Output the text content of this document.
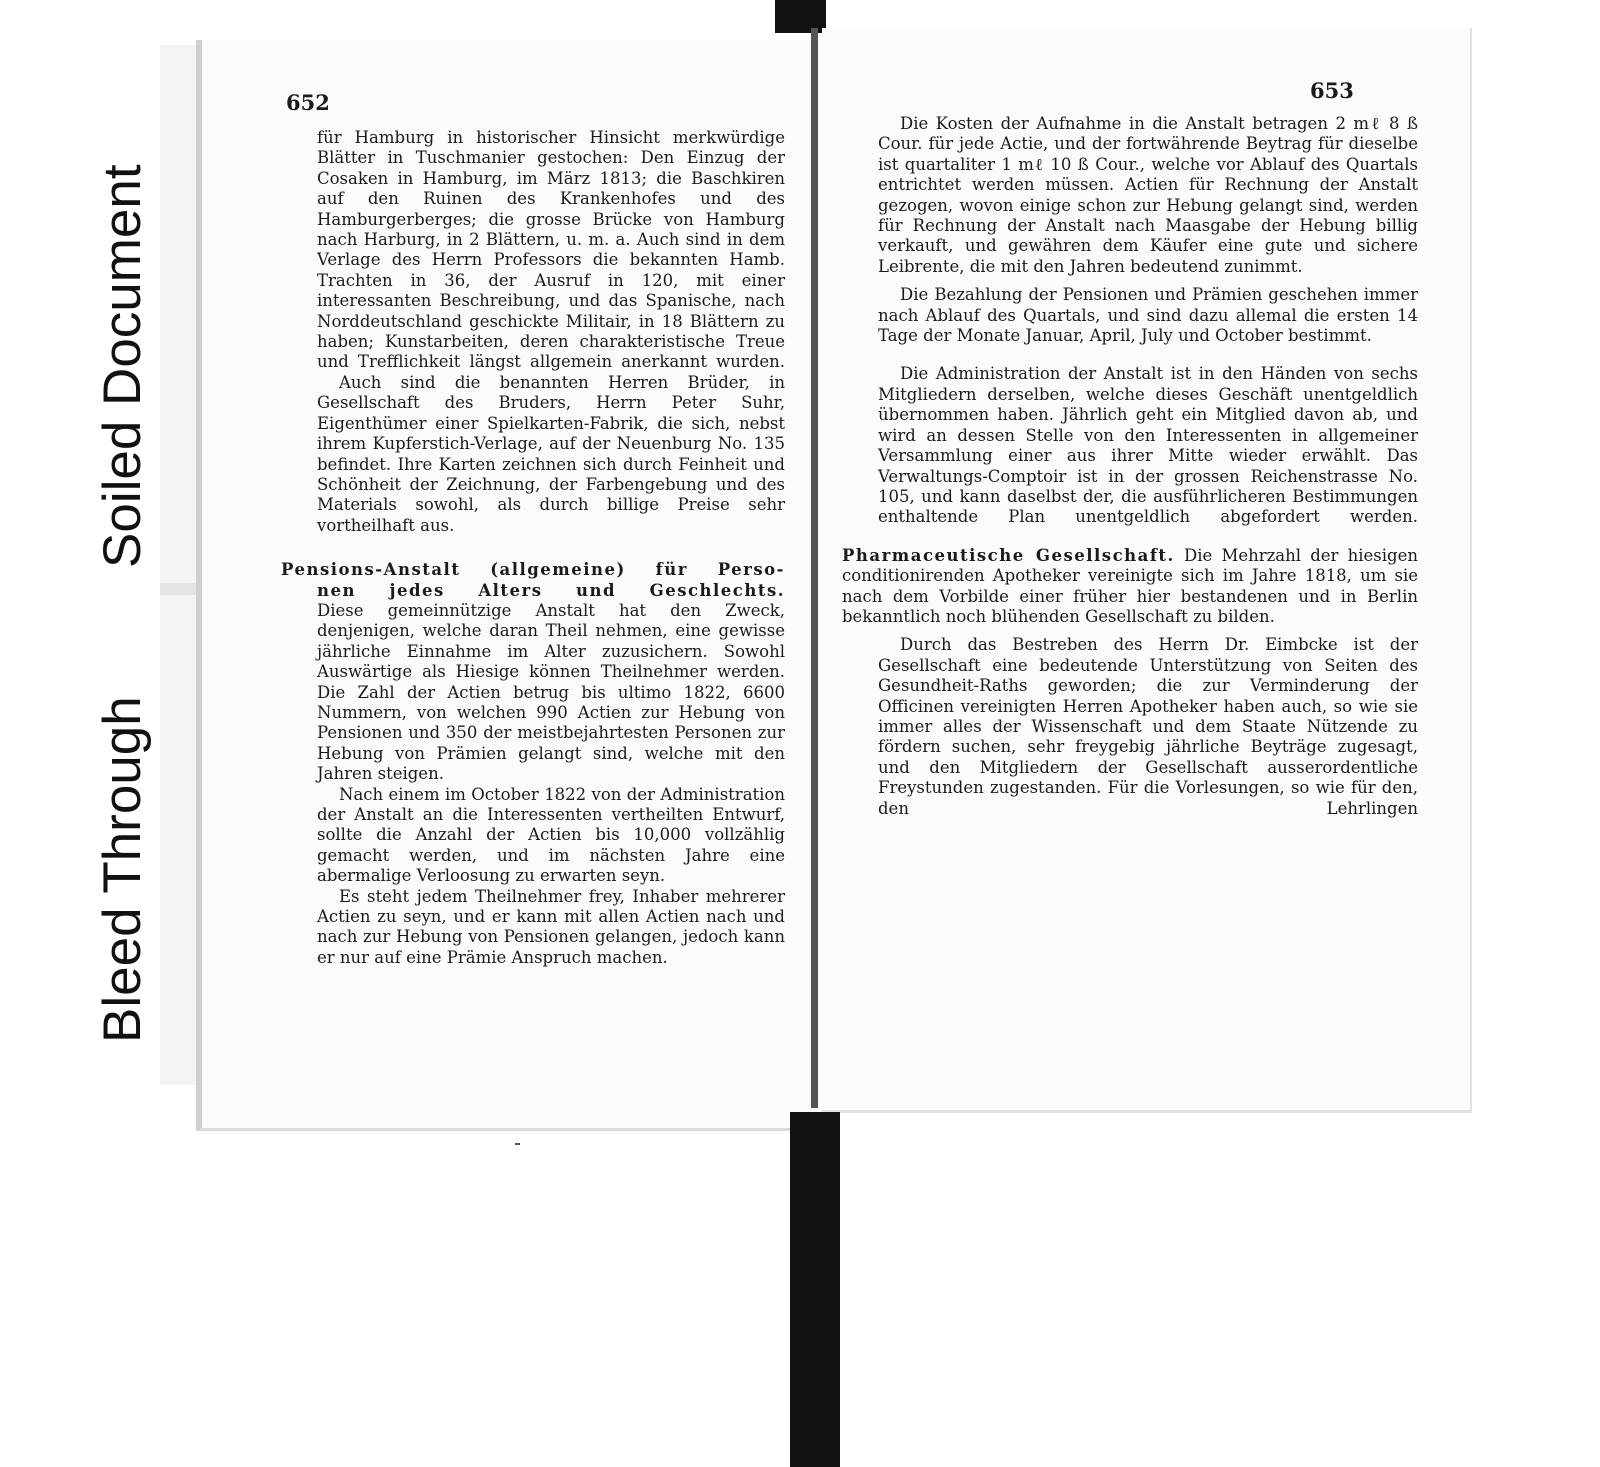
Bleed Through
Soiled Document

652

für Hamburg in historischer Hinsicht merkwürdige Blätter in Tuschmanier gestochen: Den Einzug der Cosaken in Hamburg, im März 1813; die Baschkiren auf den Ruinen des Krankenhofes und des Hamburgerberges; die grosse Brücke von Hamburg nach Harburg, in 2 Blättern, u. m. a. Auch sind in dem Verlage des Herrn Professors die bekannten Hamb. Trachten in 36, der Ausruf in 120, mit einer interessanten Beschreibung, und das Spanische, nach Norddeutschland geschickte Militair, in 18 Blättern zu haben; Kunstarbeiten, deren charakteristische Treue und Trefflichkeit längst allgemein anerkannt wurden.

Auch sind die benannten Herren Brüder, in Gesellschaft des Bruders, Herrn Peter Suhr, Eigenthümer einer Spielkarten-Fabrik, die sich, nebst ihrem Kupferstich-Verlage, auf der Neuenburg No. 135 befindet. Ihre Karten zeichnen sich durch Feinheit und Schönheit der Zeichnung, der Farbengebung und des Materials sowohl, als durch billige Preise sehr vortheilhaft aus.

Pensions-Anstalt (allgemeine) für Perso-

nen jedes Alters und Geschlechts.

Diese gemeinnützige Anstalt hat den Zweck, denjenigen, welche daran Theil nehmen, eine gewisse jährliche Einnahme im Alter zuzusichern. Sowohl Auswärtige als Hiesige können Theilnehmer werden. Die Zahl der Actien betrug bis ultimo 1822, 6600 Nummern, von welchen 990 Actien zur Hebung von Pensionen und 350 der meistbejahrtesten Personen zur Hebung von Prämien gelangt sind, welche mit den Jahren steigen.

Nach einem im October 1822 von der Administration der Anstalt an die Interessenten vertheilten Entwurf, sollte die Anzahl der Actien bis 10,000 vollzählig gemacht werden, und im nächsten Jahre eine abermalige Verloosung zu erwarten seyn.

Es steht jedem Theilnehmer frey, Inhaber mehrerer Actien zu seyn, und er kann mit allen Actien nach und nach zur Hebung von Pensionen gelangen, jedoch kann er nur auf eine Prämie Anspruch machen.

653

Die Kosten der Aufnahme in die Anstalt betragen 2 mℓ 8 ß Cour. für jede Actie, und der fortwährende Beytrag für dieselbe ist quartaliter 1 mℓ 10 ß Cour., welche vor Ablauf des Quartals entrichtet werden müssen. Actien für Rechnung der Anstalt gezogen, wovon einige schon zur Hebung gelangt sind, werden für Rechnung der Anstalt nach Maasgabe der Hebung billig verkauft, und gewähren dem Käufer eine gute und sichere Leibrente, die mit den Jahren bedeutend zunimmt.

Die Bezahlung der Pensionen und Prämien geschehen immer nach Ablauf des Quartals, und sind dazu allemal die ersten 14 Tage der Monate Januar, April, July und October bestimmt.

Die Administration der Anstalt ist in den Händen von sechs Mitgliedern derselben, welche dieses Geschäft unentgeldlich übernommen haben. Jährlich geht ein Mitglied davon ab, und wird an dessen Stelle von den Interessenten in allgemeiner Versammlung einer aus ihrer Mitte wieder erwählt. Das Verwaltungs-Comptoir ist in der grossen Reichenstrasse No. 105, und kann daselbst der, die ausführlicheren Bestimmungen enthaltende Plan unentgeldlich abgefordert werden.

Pharmaceutische Gesellschaft. Die Mehrzahl der hiesigen conditionirenden Apotheker vereinigte sich im Jahre 1818, um sie nach dem Vorbilde einer früher hier bestandenen und in Berlin bekanntlich noch blühenden Gesellschaft zu bilden.

Durch das Bestreben des Herrn Dr. Eimbcke ist der Gesellschaft eine bedeutende Unterstützung von Seiten des Gesundheit-Raths geworden; die zur Verminderung der Officinen vereinigten Herren Apotheker haben auch, so wie sie immer alles der Wissenschaft und dem Staate Nützende zu fördern suchen, sehr freygebig jährliche Beyträge zugesagt, und den Mitgliedern der Gesellschaft ausserordentliche Freystunden zugestanden. Für die Vorlesungen, so wie für den, den Lehrlingen
